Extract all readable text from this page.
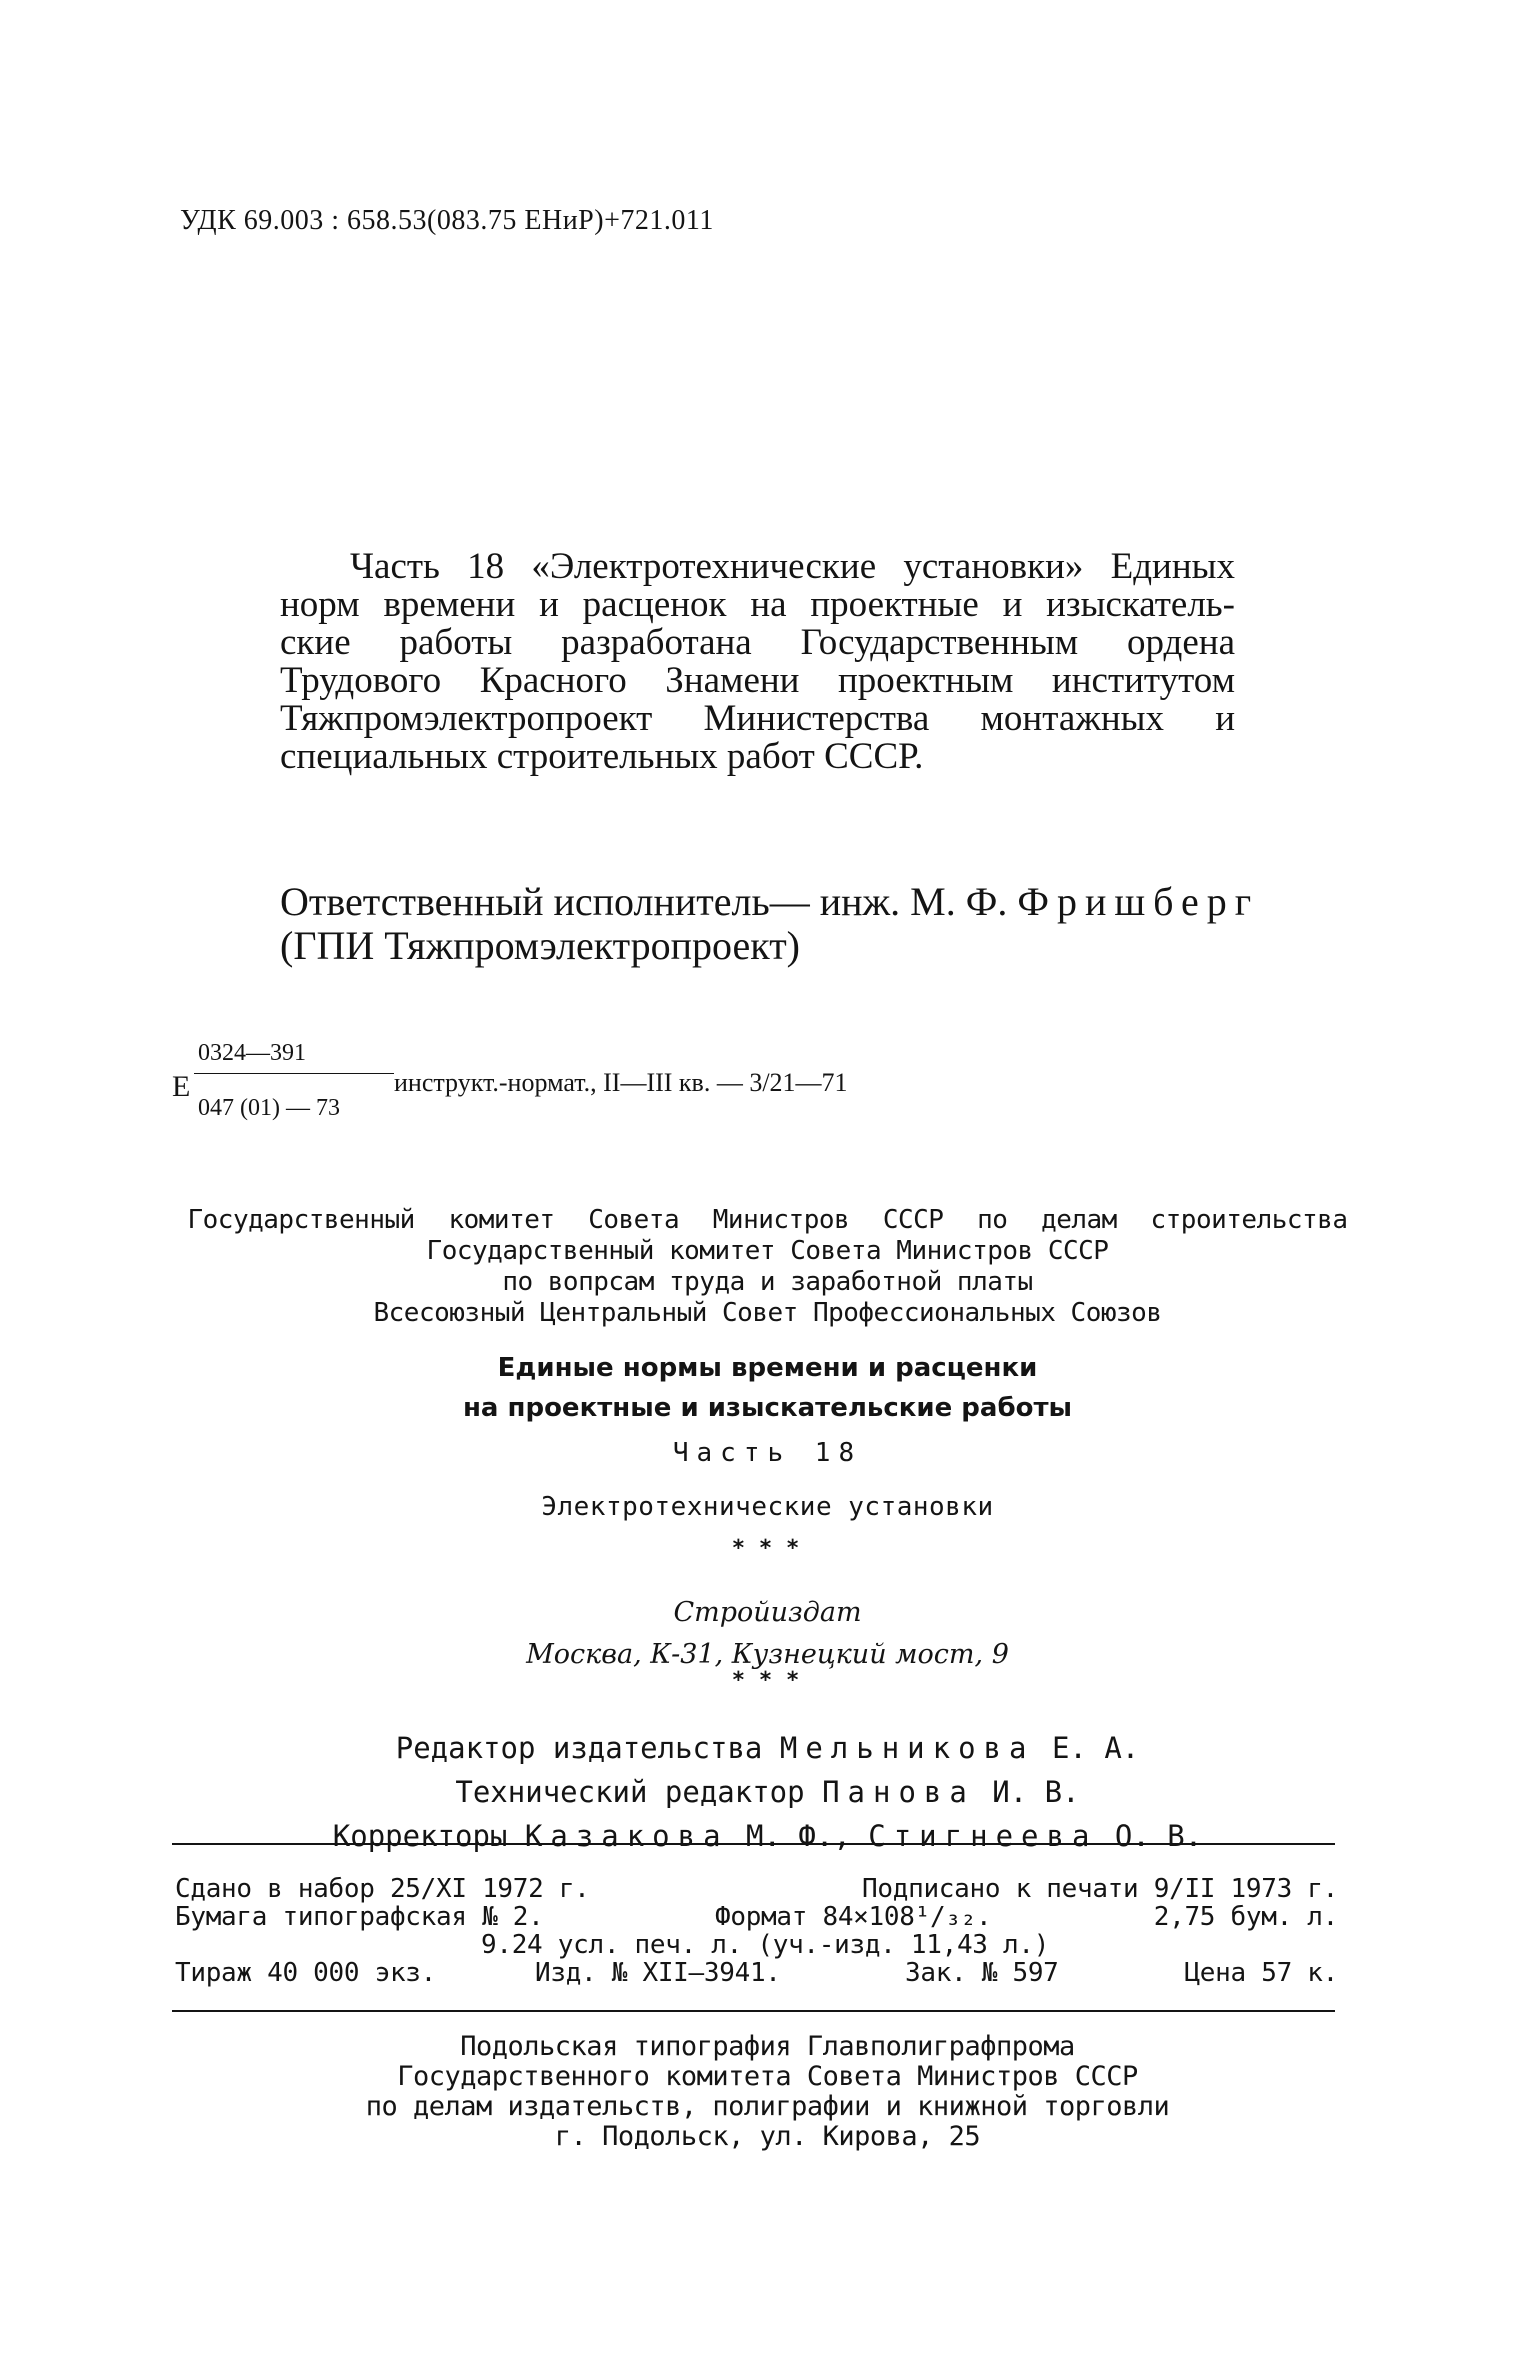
УДК 69.003 : 658.53(083.75 ЕНиР)+721.011
Часть 18 «Электротехнические установки» Единых
норм времени и расценок на проектные и изыскатель-
ские работы разработана Государственным ордена
Трудового Красного Знамени проектным институтом
Тяжпромэлектропроект Министерства монтажных и
специальных строительных работ СССР.
Ответственный исполнитель— инж. М. Ф. Фришберг
(ГПИ Тяжпромэлектропроект)
0324—391
Е
047 (01) — 73
инструкт.-нормат., II—III кв. — 3/21—71
Государственный комитет Совета Министров СССР по делам строительства
Государственный комитет Совета Министров СССР
по вопрсам труда и заработной платы
Всесоюзный Центральный Совет Профессиональных Союзов
Единые нормы времени и расценки
на проектные и изыскательские работы
Часть 18
Электротехнические установки
* * *
Стройиздат
Москва, К-31, Кузнецкий мост, 9
* * *
Редактор издательства Мельникова Е. А.
Технический редактор Панова И. В.
Корректоры Казакова М. Ф., Стигнеева О. В.
Сдано в набор 25/XI 1972 г.	Подписано к печати 9/II 1973 г.
Бумага типографская № 2.	Формат 84×108¹/₃₂.	2,75 бум. л.
9.24 усл. печ. л. (уч.-изд. 11,43 л.)
Тираж 40 000 экз.	Изд. № XII—3941.	Зак. № 597	Цена 57 к.
Подольская типография Главполиграфпрома
Государственного комитета Совета Министров СССР
по делам издательств, полиграфии и книжной торговли
г. Подольск, ул. Кирова, 25
